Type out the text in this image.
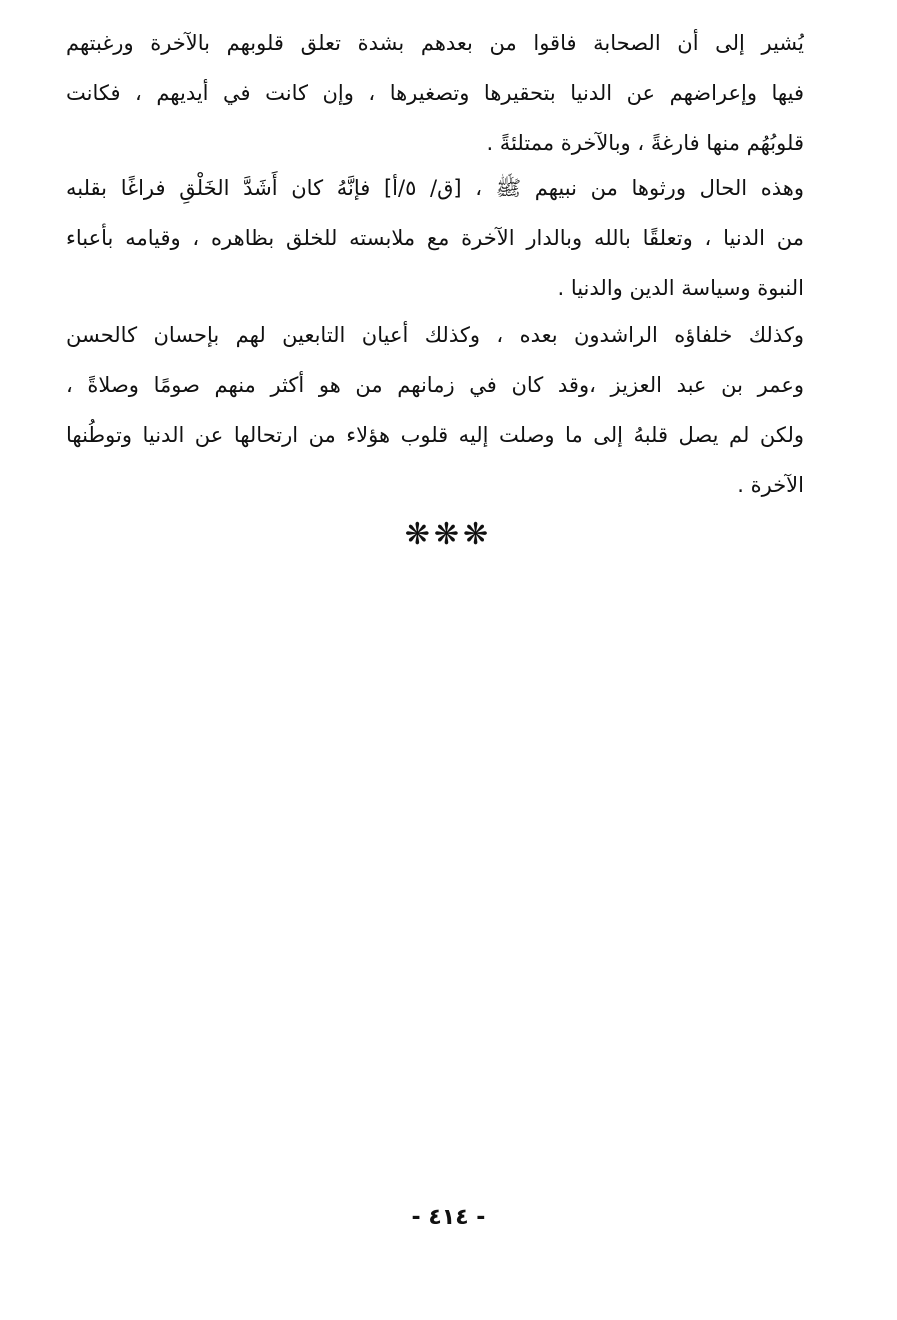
يُشير إلى أن الصحابة فاقوا من بعدهم بشدة تعلق قلوبهم بالآخرة ورغبتهم
فيها وإعراضهم عن الدنيا بتحقيرها وتصغيرها ، وإن كانت في أيديهم ، فكانت
قلوبُهُم منها فارغةً ، وبالآخرة ممتلئةً .
وهذه الحال ورثوها من نبيهم ﷺ ، [ق/ ٥/أ] فإنَّهُ كان أَشَدَّ الخَلْقِ فراغًا بقلبه
من الدنيا ، وتعلقًا بالله وبالدار الآخرة مع ملابسته للخلق بظاهره ، وقيامه بأعباء
النبوة وسياسة الدين والدنيا .
وكذلك خلفاؤه الراشدون بعده ، وكذلك أعيان التابعين لهم بإحسان كالحسن
وعمر بن عبد العزيز ،وقد كان في زمانهم من هو أكثر منهم صومًا وصلاةً ،
ولكن لم يصل قلبهُ إلى ما وصلت إليه قلوب هؤلاء من ارتحالها عن الدنيا وتوطُنها
الآخرة .
❋❋❋
- ٤١٤ -
